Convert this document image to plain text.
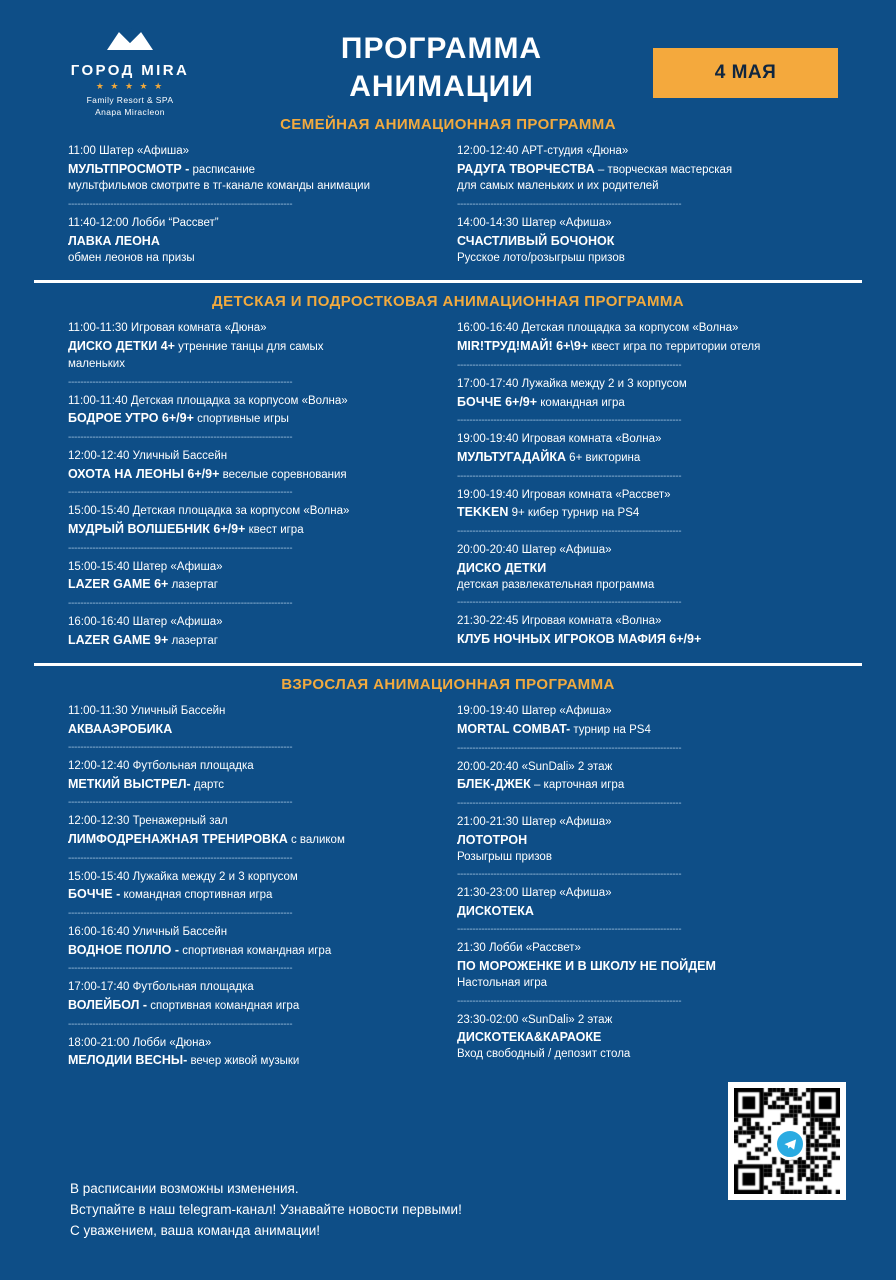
ГОРОД MIRA
★ ★ ★ ★ ★
Family Resort & SPA
Anapa Miracleon
ПРОГРАММА
АНИМАЦИИ	4 МАЯ
СЕМЕЙНАЯ АНИМАЦИОННАЯ ПРОГРАММА
11:00 Шатер «Афиша»
МУЛЬТПРОСМОТР - расписание
мультфильмов смотрите в тг-канале команды анимации
--------------------------------------------------------------------------
11:40-12:00 Лобби “Рассвет”
ЛАВКА ЛЕОНА
обмен леонов на призы
12:00-12:40 АРТ-студия «Дюна»
РАДУГА ТВОРЧЕСТВА – творческая мастерская
для самых маленьких и их родителей
--------------------------------------------------------------------------
14:00-14:30 Шатер «Афиша»
СЧАСТЛИВЫЙ БОЧОНОК
Русское лото/розыгрыш призов
ДЕТСКАЯ И ПОДРОСТКОВАЯ АНИМАЦИОННАЯ ПРОГРАММА
11:00-11:30 Игровая комната «Дюна»
ДИСКО ДЕТКИ 4+ утренние танцы для самых
маленьких
--------------------------------------------------------------------------
11:00-11:40 Детская площадка за корпусом «Волна»
БОДРОЕ УТРО 6+/9+ спортивные игры
--------------------------------------------------------------------------
12:00-12:40 Уличный Бассейн
ОХОТА НА ЛЕОНЫ 6+/9+ веселые соревнования
--------------------------------------------------------------------------
15:00-15:40 Детская площадка за корпусом «Волна»
МУДРЫЙ ВОЛШЕБНИК 6+/9+ квест игра
--------------------------------------------------------------------------
15:00-15:40 Шатер «Афиша»
LAZER GAME 6+ лазертаг
--------------------------------------------------------------------------
16:00-16:40 Шатер «Афиша»
LAZER GAME 9+ лазертаг
16:00-16:40 Детская площадка за корпусом «Волна»
MIR!ТРУД!МАЙ! 6+\9+ квест игра по территории отеля
--------------------------------------------------------------------------
17:00-17:40 Лужайка между 2 и 3 корпусом
БОЧЧЕ 6+/9+ командная игра
--------------------------------------------------------------------------
19:00-19:40 Игровая комната «Волна»
МУЛЬТУГАДАЙКА 6+ викторина
--------------------------------------------------------------------------
19:00-19:40 Игровая комната «Рассвет»
TEKKEN 9+ кибер турнир на PS4
--------------------------------------------------------------------------
20:00-20:40 Шатер «Афиша»
ДИСКО ДЕТКИ
детская развлекательная программа
--------------------------------------------------------------------------
21:30-22:45 Игровая комната «Волна»
КЛУБ НОЧНЫХ ИГРОКОВ МАФИЯ 6+/9+
ВЗРОСЛАЯ АНИМАЦИОННАЯ ПРОГРАММА
11:00-11:30 Уличный Бассейн
АКВААЭРОБИКА
--------------------------------------------------------------------------
12:00-12:40 Футбольная площадка
МЕТКИЙ ВЫСТРЕЛ- дартс
--------------------------------------------------------------------------
12:00-12:30 Тренажерный зал
ЛИМФОДРЕНАЖНАЯ ТРЕНИРОВКА с валиком
--------------------------------------------------------------------------
15:00-15:40 Лужайка между 2 и 3 корпусом
БОЧЧЕ - командная спортивная игра
--------------------------------------------------------------------------
16:00-16:40 Уличный Бассейн
ВОДНОЕ ПОЛЛО - спортивная командная игра
--------------------------------------------------------------------------
17:00-17:40 Футбольная площадка
ВОЛЕЙБОЛ - спортивная командная игра
--------------------------------------------------------------------------
18:00-21:00 Лобби «Дюна»
МЕЛОДИИ ВЕСНЫ- вечер живой музыки
19:00-19:40 Шатер «Афиша»
MORTAL COMBAT- турнир на PS4
--------------------------------------------------------------------------
20:00-20:40 «SunDali» 2 этаж
БЛЕК-ДЖЕК – карточная игра
--------------------------------------------------------------------------
21:00-21:30 Шатер «Афиша»
ЛОТОТРОН
Розыгрыш призов
--------------------------------------------------------------------------
21:30-23:00 Шатер «Афиша»
ДИСКОТЕКА
--------------------------------------------------------------------------
21:30 Лобби «Рассвет»
ПО МОРОЖЕНКЕ И В ШКОЛУ НЕ ПОЙДЕМ
Настольная игра
--------------------------------------------------------------------------
23:30-02:00 «SunDali» 2 этаж
ДИСКОТЕКА&КАРАОКЕ
Вход свободный / депозит стола
В расписании возможны изменения.
Вступайте в наш telegram-канал! Узнавайте новости первыми!
С уважением, ваша команда анимации!
